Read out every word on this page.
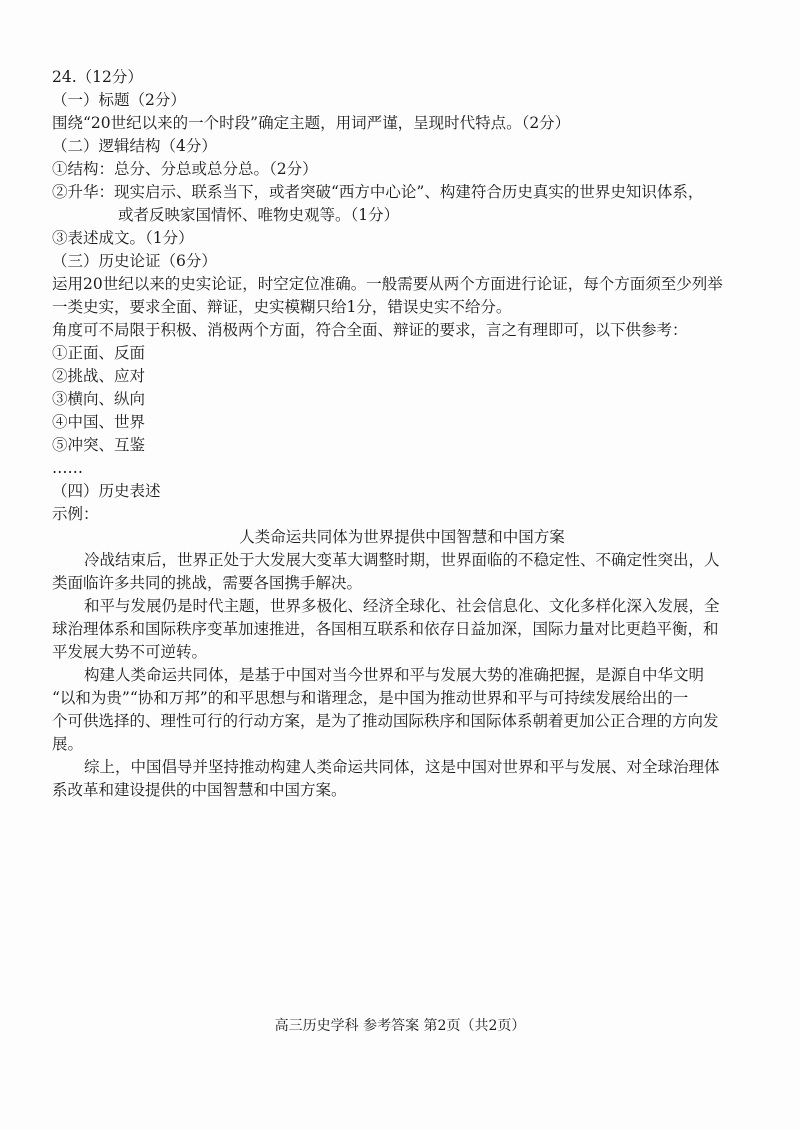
24.（12分）
（一）标题（2分）
围绕“20世纪以来的一个时段”确定主题，用词严谨，呈现时代特点。（2分）
（二）逻辑结构（4分）
①结构：总分、分总或总分总。（2分）
②升华：现实启示、联系当下，或者突破“西方中心论”、构建符合历史真实的世界史知识体系，
或者反映家国情怀、唯物史观等。（1分）
③表述成文。（1分）
（三）历史论证（6分）
运用20世纪以来的史实论证，时空定位准确。一般需要从两个方面进行论证，每个方面须至少列举
一类史实，要求全面、辩证，史实模糊只给1分，错误史实不给分。
角度可不局限于积极、消极两个方面，符合全面、辩证的要求，言之有理即可，以下供参考：
①正面、反面
②挑战、应对
③横向、纵向
④中国、世界
⑤冲突、互鉴
……
（四）历史表述
示例：
人类命运共同体为世界提供中国智慧和中国方案
冷战结束后，世界正处于大发展大变革大调整时期，世界面临的不稳定性、不确定性突出，人
类面临许多共同的挑战，需要各国携手解决。
和平与发展仍是时代主题，世界多极化、经济全球化、社会信息化、文化多样化深入发展，全
球治理体系和国际秩序变革加速推进，各国相互联系和依存日益加深，国际力量对比更趋平衡，和
平发展大势不可逆转。
构建人类命运共同体，是基于中国对当今世界和平与发展大势的准确把握，是源自中华文明
“以和为贵”“协和万邦”的和平思想与和谐理念，是中国为推动世界和平与可持续发展给出的一
个可供选择的、理性可行的行动方案，是为了推动国际秩序和国际体系朝着更加公正合理的方向发
展。
综上，中国倡导并坚持推动构建人类命运共同体，这是中国对世界和平与发展、对全球治理体
系改革和建设提供的中国智慧和中国方案。
高三历史学科 参考答案 第2页（共2页）
